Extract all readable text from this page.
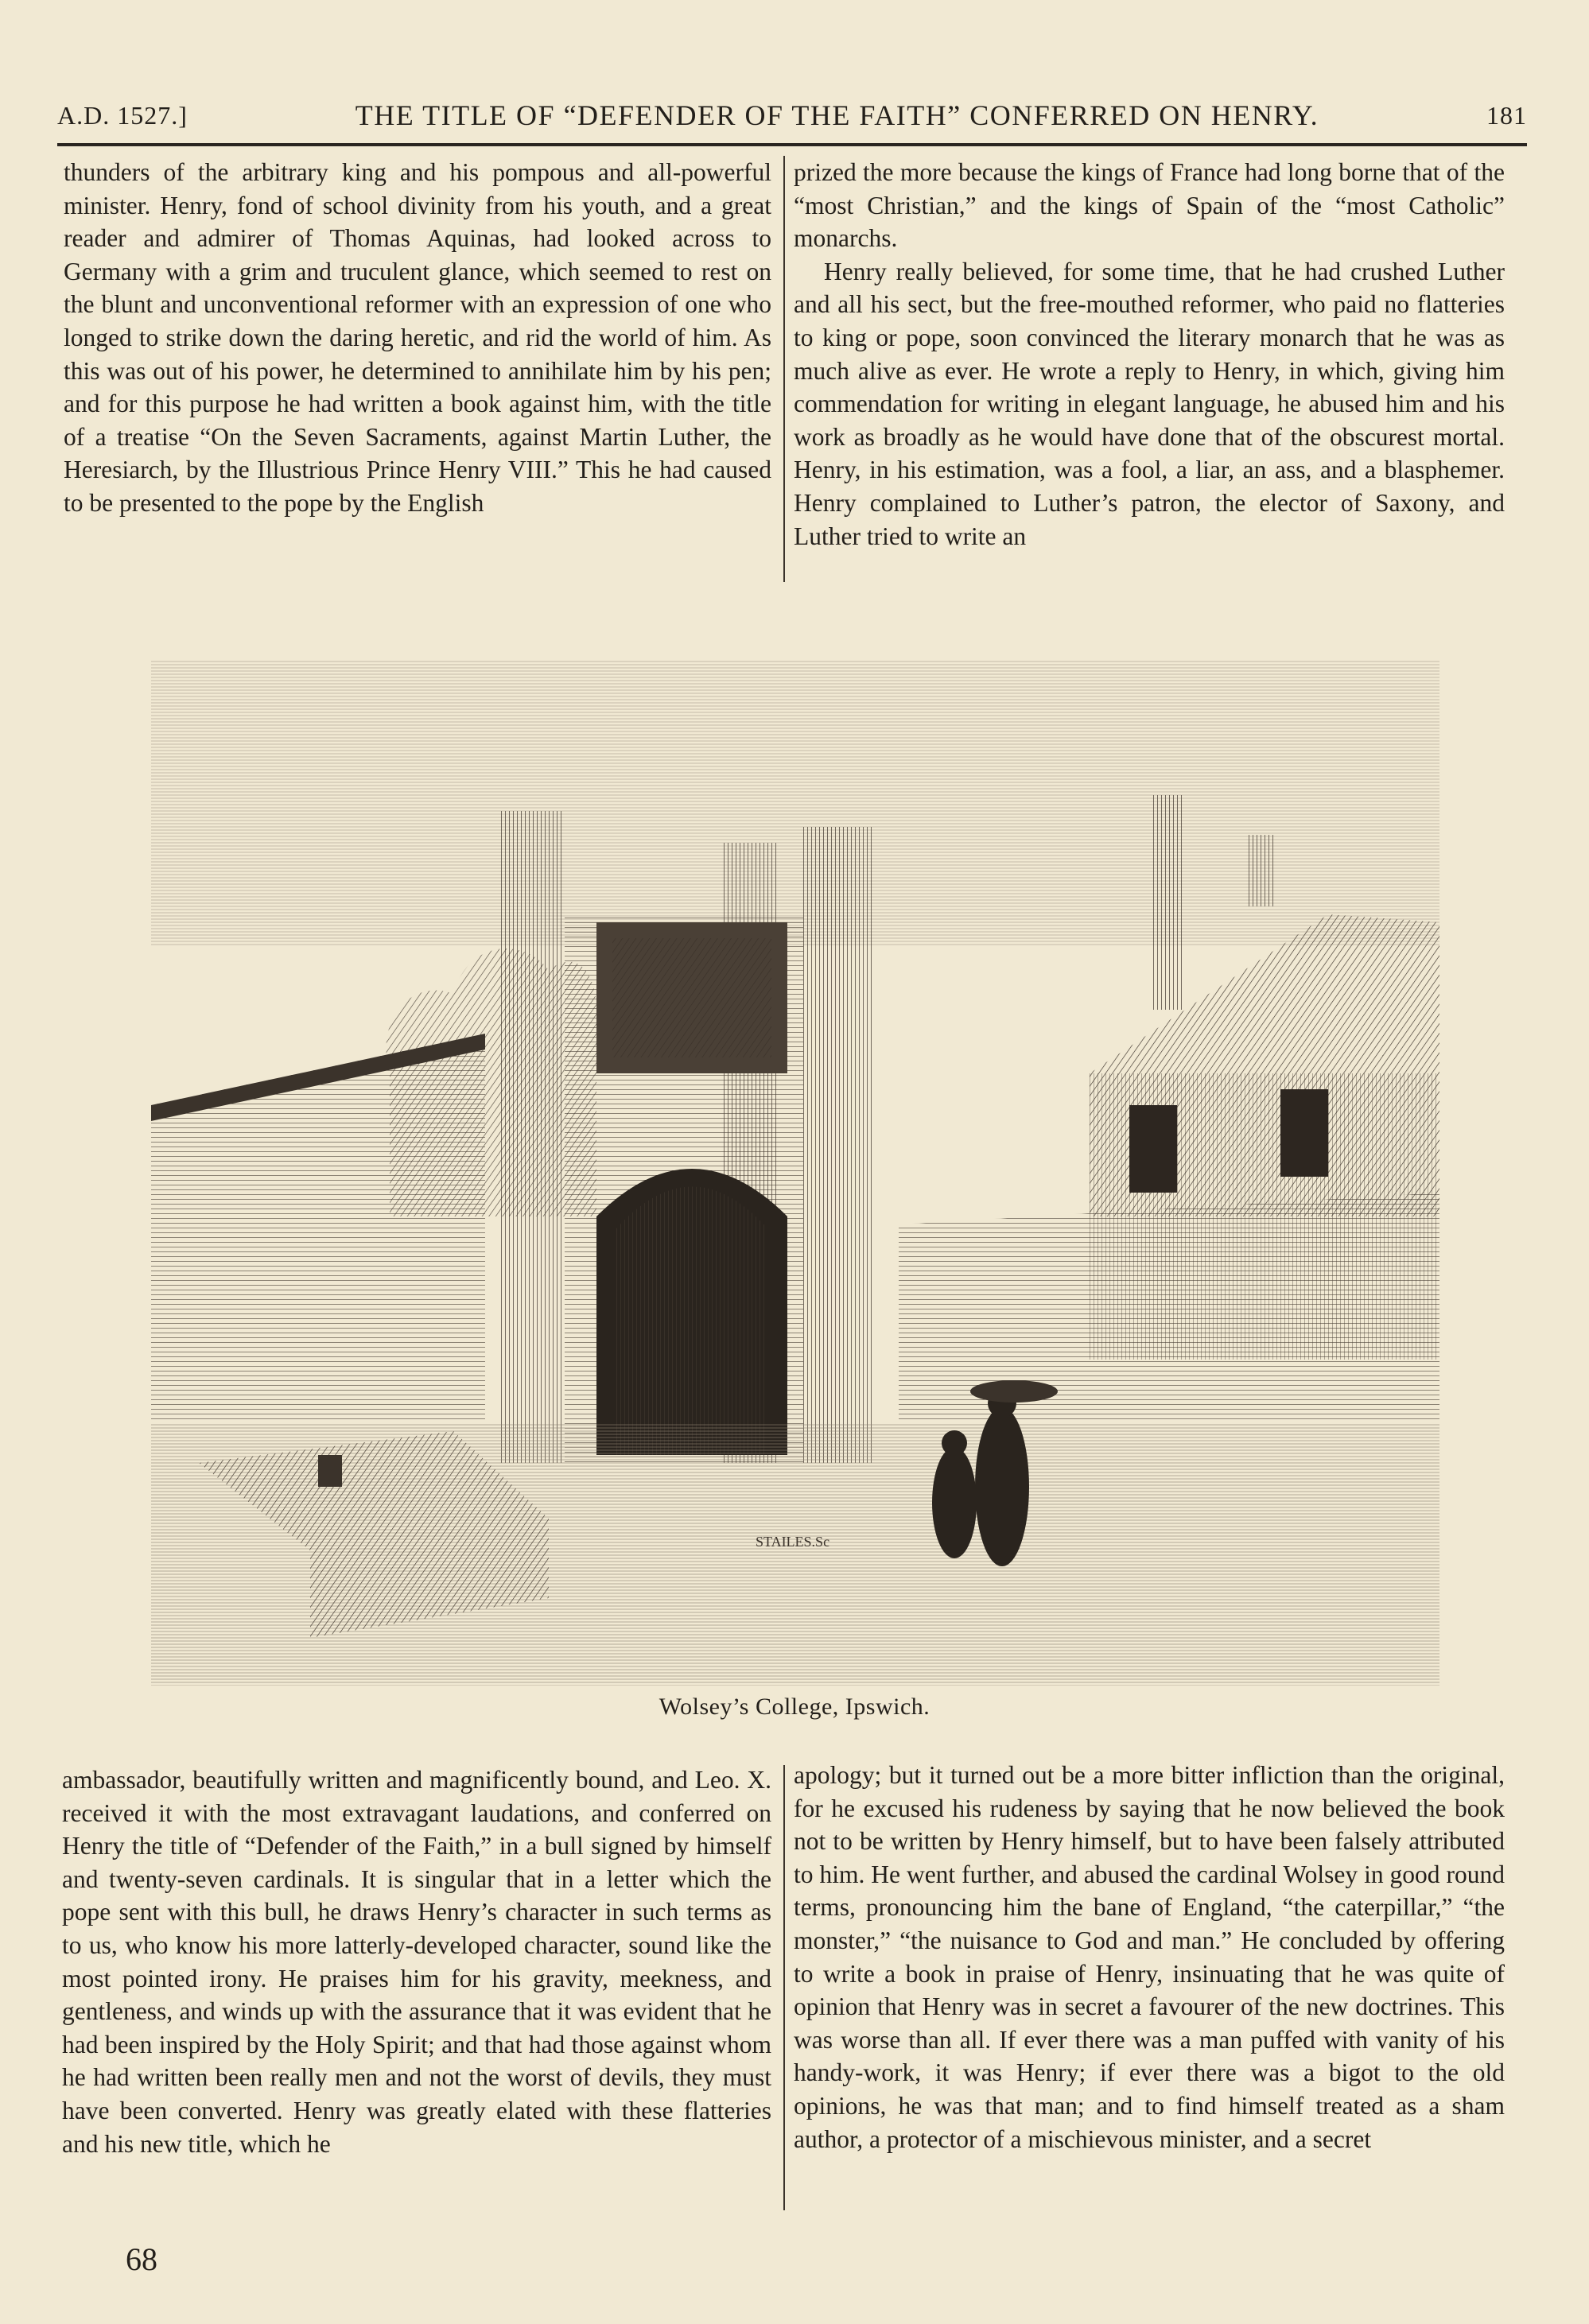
A.D. 1527.]	THE TITLE OF “DEFENDER OF THE FAITH” CONFERRED ON HENRY.	181

thunders of the arbitrary king and his pompous and all-powerful minister. Henry, fond of school divinity from his youth, and a great reader and admirer of Thomas Aquinas, had looked across to Germany with a grim and truculent glance, which seemed to rest on the blunt and unconventional reformer with an expression of one who longed to strike down the daring heretic, and rid the world of him. As this was out of his power, he determined to annihilate him by his pen; and for this purpose he had written a book against him, with the title of a treatise “On the Seven Sacraments, against Martin Luther, the Heresiarch, by the Illustrious Prince Henry VIII.” This he had caused to be presented to the pope by the English

prized the more because the kings of France had long borne that of the “most Christian,” and the kings of Spain of the “most Catholic” monarchs.

Henry really believed, for some time, that he had crushed Luther and all his sect, but the free-mouthed reformer, who paid no flatteries to king or pope, soon convinced the literary monarch that he was as much alive as ever. He wrote a reply to Henry, in which, giving him commendation for writing in elegant language, he abused him and his work as broadly as he would have done that of the obscurest mortal. Henry, in his estimation, was a fool, a liar, an ass, and a blasphemer. Henry complained to Luther’s patron, the elector of Saxony, and Luther tried to write an

STAILES.Sc
Wolsey’s College, Ipswich.

ambassador, beautifully written and magnificently bound, and Leo. X. received it with the most extravagant laudations, and conferred on Henry the title of “Defender of the Faith,” in a bull signed by himself and twenty-seven cardinals. It is singular that in a letter which the pope sent with this bull, he draws Henry’s character in such terms as to us, who know his more latterly-developed character, sound like the most pointed irony. He praises him for his gravity, meekness, and gentleness, and winds up with the assurance that it was evident that he had been inspired by the Holy Spirit; and that had those against whom he had written been really men and not the worst of devils, they must have been converted. Henry was greatly elated with these flatteries and his new title, which he

apology; but it turned out be a more bitter infliction than the original, for he excused his rudeness by saying that he now believed the book not to be written by Henry himself, but to have been falsely attributed to him. He went further, and abused the cardinal Wolsey in good round terms, pronouncing him the bane of England, “the caterpillar,” “the monster,” “the nuisance to God and man.” He concluded by offering to write a book in praise of Henry, insinuating that he was quite of opinion that Henry was in secret a favourer of the new doctrines. This was worse than all. If ever there was a man puffed with vanity of his handy-work, it was Henry; if ever there was a bigot to the old opinions, he was that man; and to find himself treated as a sham author, a protector of a mischievous minister, and a secret

68
